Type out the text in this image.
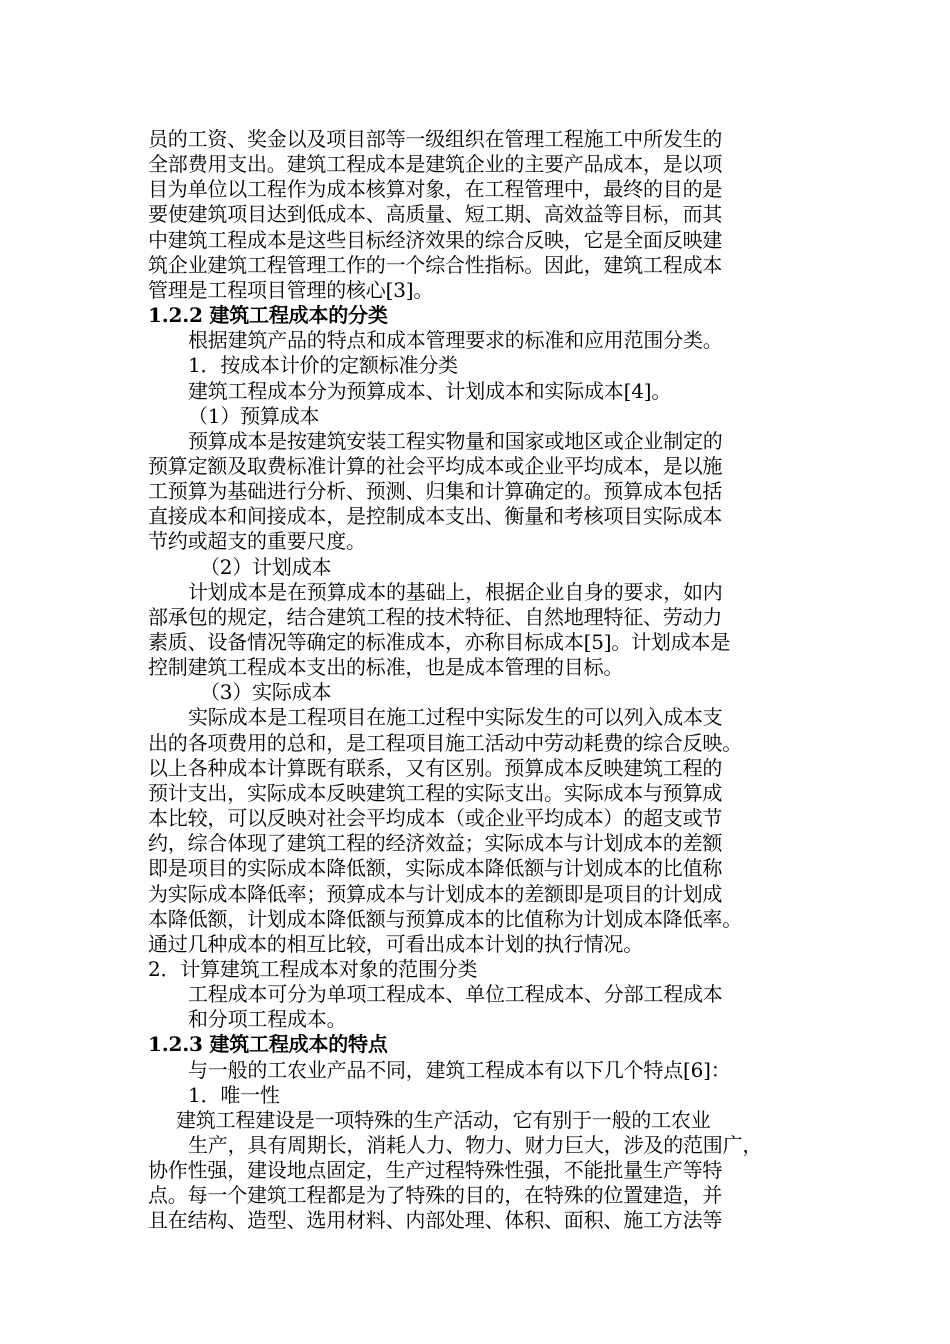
员的工资、奖金以及项目部等一级组织在管理工程施工中所发生的
全部费用支出。建筑工程成本是建筑企业的主要产品成本，是以项
目为单位以工程作为成本核算对象，在工程管理中，最终的目的是
要使建筑项目达到低成本、高质量、短工期、高效益等目标，而其
中建筑工程成本是这些目标经济效果的综合反映，它是全面反映建
筑企业建筑工程管理工作的一个综合性指标。因此，建筑工程成本
管理是工程项目管理的核心[3]。
1.2.2 建筑工程成本的分类
根据建筑产品的特点和成本管理要求的标准和应用范围分类。
1．按成本计价的定额标准分类
建筑工程成本分为预算成本、计划成本和实际成本[4]。
（1）预算成本
预算成本是按建筑安装工程实物量和国家或地区或企业制定的
预算定额及取费标准计算的社会平均成本或企业平均成本，是以施
工预算为基础进行分析、预测、归集和计算确定的。预算成本包括
直接成本和间接成本，是控制成本支出、衡量和考核项目实际成本
节约或超支的重要尺度。
（2）计划成本
计划成本是在预算成本的基础上，根据企业自身的要求，如内
部承包的规定，结合建筑工程的技术特征、自然地理特征、劳动力
素质、设备情况等确定的标准成本，亦称目标成本[5]。计划成本是
控制建筑工程成本支出的标准，也是成本管理的目标。
（3）实际成本
实际成本是工程项目在施工过程中实际发生的可以列入成本支
出的各项费用的总和，是工程项目施工活动中劳动耗费的综合反映。
以上各种成本计算既有联系，又有区别。预算成本反映建筑工程的
预计支出，实际成本反映建筑工程的实际支出。实际成本与预算成
本比较，可以反映对社会平均成本（或企业平均成本）的超支或节
约，综合体现了建筑工程的经济效益；实际成本与计划成本的差额
即是项目的实际成本降低额，实际成本降低额与计划成本的比值称
为实际成本降低率；预算成本与计划成本的差额即是项目的计划成
本降低额，计划成本降低额与预算成本的比值称为计划成本降低率。
通过几种成本的相互比较，可看出成本计划的执行情况。
2．计算建筑工程成本对象的范围分类
工程成本可分为单项工程成本、单位工程成本、分部工程成本
和分项工程成本。
1.2.3 建筑工程成本的特点
与一般的工农业产品不同，建筑工程成本有以下几个特点[6]：
1．唯一性
建筑工程建设是一项特殊的生产活动，它有别于一般的工农业
生产，具有周期长，消耗人力、物力、财力巨大，涉及的范围广，
协作性强，建设地点固定，生产过程特殊性强，不能批量生产等特
点。每一个建筑工程都是为了特殊的目的，在特殊的位置建造，并
且在结构、造型、选用材料、内部处理、体积、面积、施工方法等
